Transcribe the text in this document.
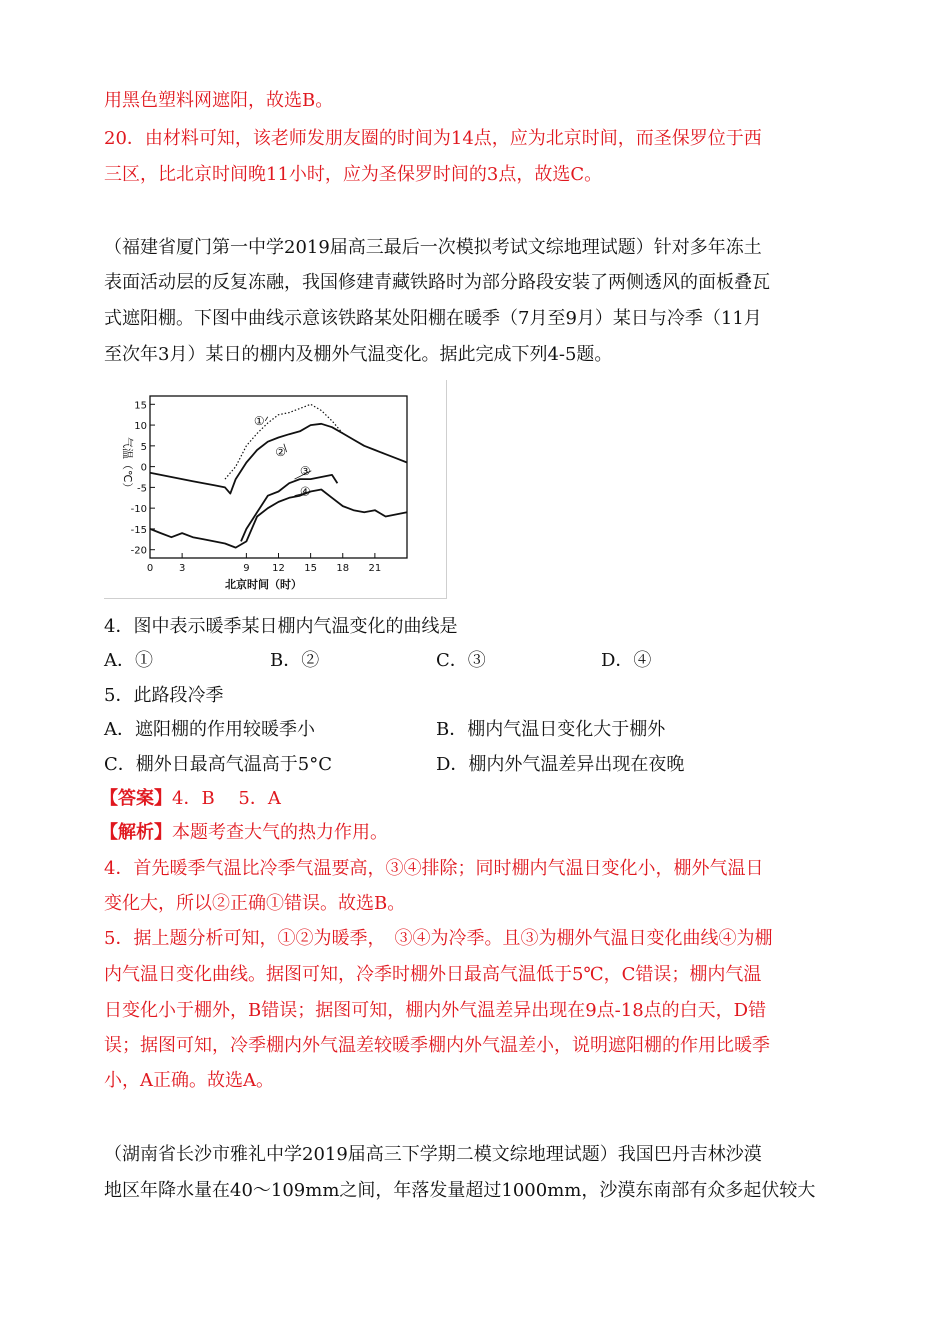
用黑色塑料网遮阳，故选B。
20．由材料可知，该老师发朋友圈的时间为14点，应为北京时间，而圣保罗位于西
三区，比北京时间晚11小时，应为圣保罗时间的3点，故选C。
（福建省厦门第一中学2019届高三最后一次模拟考试文综地理试题）针对多年冻土
表面活动层的反复冻融，我国修建青藏铁路时为部分路段安装了两侧透风的面板叠瓦
式遮阳棚。下图中曲线示意该铁路某处阳棚在暖季（7月至9月）某日与冷季（11月
至次年3月）某日的棚内及棚外气温变化。据此完成下列4-5题。
15
10
5
0
-5
-10
-15
-20
0	3	9 12 15 18 21
①
②
③
④
气温（℃）
北京时间（时）
4．图中表示暖季某日棚内气温变化的曲线是
A．①	B．②	C．③	D．④
5．此路段冷季
A．遮阳棚的作用较暖季小	B．棚内气温日变化大于棚外
C．棚外日最高气温高于5°C	D．棚内外气温差异出现在夜晚
【答案】4．B　 5．A
【解析】本题考查大气的热力作用。
4．首先暖季气温比冷季气温要高，③④排除；同时棚内气温日变化小，棚外气温日
变化大，所以②正确①错误。故选B。
5．据上题分析可知，①②为暖季，　③④为冷季。且③为棚外气温日变化曲线④为棚
内气温日变化曲线。据图可知，冷季时棚外日最高气温低于5℃，C错误；棚内气温
日变化小于棚外，B错误；据图可知，棚内外气温差异出现在9点-18点的白天，D错
误；据图可知，冷季棚内外气温差较暖季棚内外气温差小，说明遮阳棚的作用比暖季
小，A正确。故选A。
（湖南省长沙市雅礼中学2019届高三下学期二模文综地理试题）我国巴丹吉林沙漠
地区年降水量在40～109mm之间，年落发量超过1000mm，沙漠东南部有众多起伏较大
